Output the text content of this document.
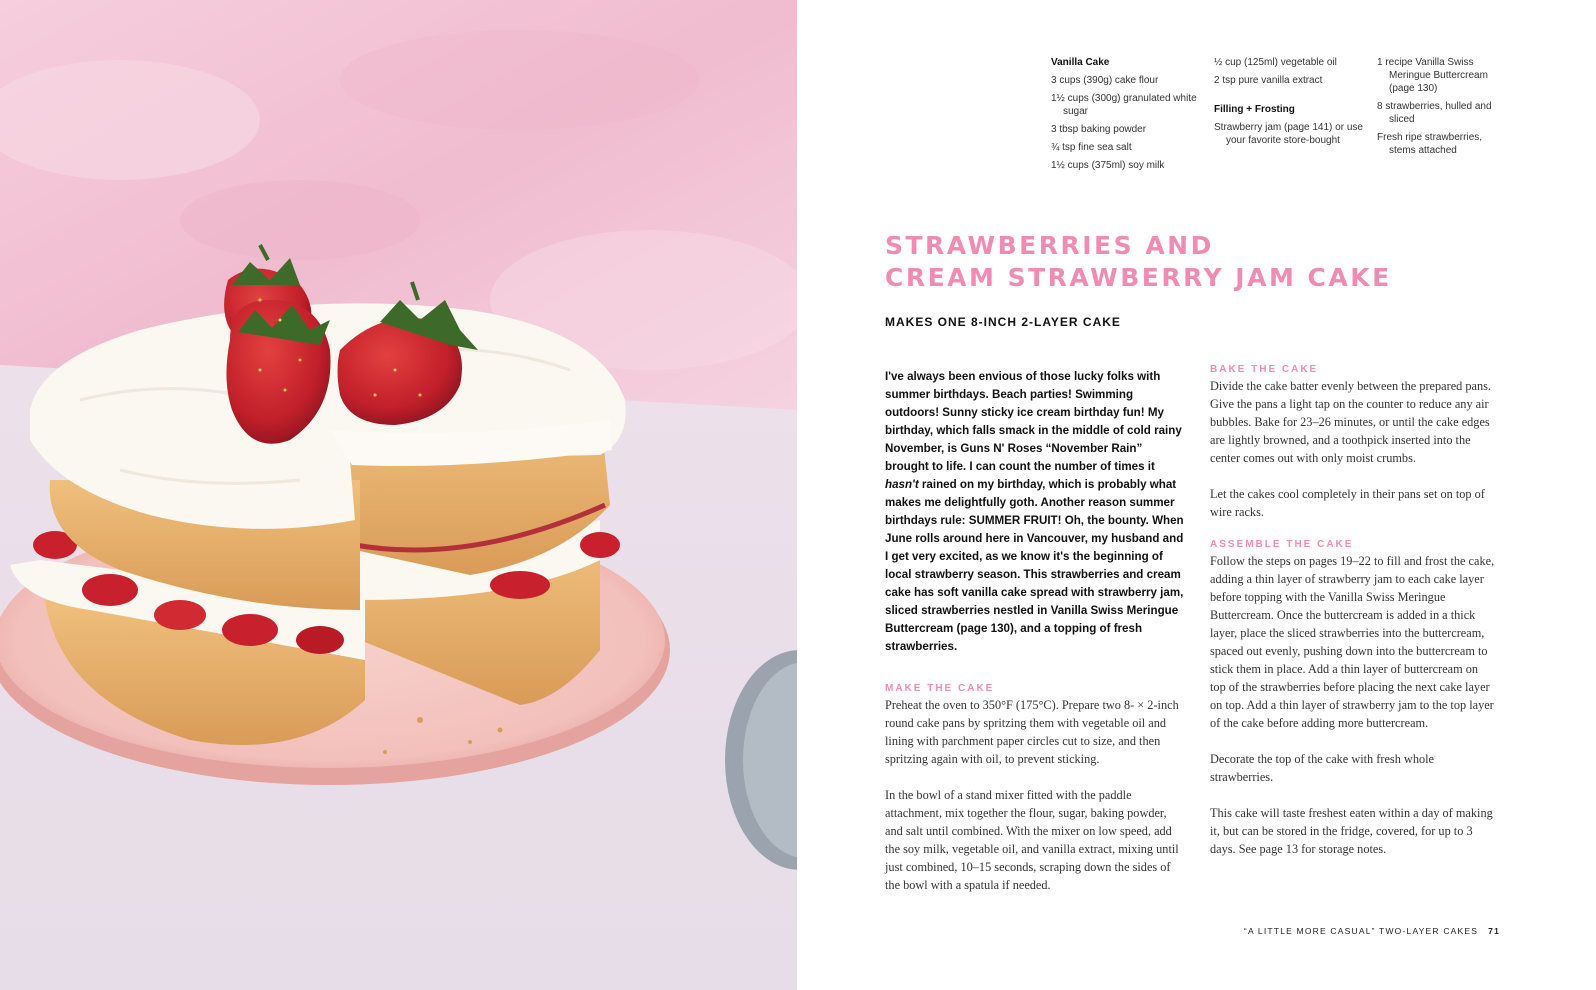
Vanilla Cake
3 cups (390g) cake flour
1½ cups (300g) granulated white sugar
3 tbsp baking powder
¾ tsp fine sea salt
1½ cups (375ml) soy milk
½ cup (125ml) vegetable oil
2 tsp pure vanilla extract
Filling + Frosting
Strawberry jam (page 141) or use your favorite store-bought
1 recipe Vanilla Swiss Meringue Buttercream (page 130)
8 strawberries, hulled and sliced
Fresh ripe strawberries, stems attached
STRAWBERRIES AND
CREAM STRAWBERRY JAM CAKE
MAKES ONE 8-INCH 2-LAYER CAKE
I've always been envious of those lucky folks with summer birthdays. Beach parties! Swimming outdoors! Sunny sticky ice cream birthday fun! My birthday, which falls smack in the middle of cold rainy November, is Guns N' Roses “November Rain” brought to life. I can count the number of times it hasn't rained on my birthday, which is probably what makes me delightfully goth. Another reason summer birthdays rule: SUMMER FRUIT! Oh, the bounty. When June rolls around here in Vancouver, my husband and I get very excited, as we know it's the beginning of local strawberry season. This strawberries and cream cake has soft vanilla cake spread with strawberry jam, sliced strawberries nestled in Vanilla Swiss Meringue Buttercream (page 130), and a topping of fresh strawberries.
MAKE THE CAKE

Preheat the oven to 350°F (175°C). Prepare two 8- × 2-inch round cake pans by spritzing them with vegetable oil and lining with parchment paper circles cut to size, and then spritzing again with oil, to prevent sticking.

In the bowl of a stand mixer fitted with the paddle attachment, mix together the flour, sugar, baking powder, and salt until combined. With the mixer on low speed, add the soy milk, vegetable oil, and vanilla extract, mixing until just combined, 10–15 seconds, scraping down the sides of the bowl with a spatula if needed.

BAKE THE CAKE

Divide the cake batter evenly between the prepared pans. Give the pans a light tap on the counter to reduce any air bubbles. Bake for 23–26 minutes, or until the cake edges are lightly browned, and a toothpick inserted into the center comes out with only moist crumbs.

Let the cakes cool completely in their pans set on top of wire racks.

ASSEMBLE THE CAKE

Follow the steps on pages 19–22 to fill and frost the cake, adding a thin layer of strawberry jam to each cake layer before topping with the Vanilla Swiss Meringue Buttercream. Once the buttercream is added in a thick layer, place the sliced strawberries into the buttercream, spaced out evenly, pushing down into the buttercream to stick them in place. Add a thin layer of buttercream on top of the strawberries before placing the next cake layer on top. Add a thin layer of strawberry jam to the top layer of the cake before adding more buttercream.

Decorate the top of the cake with fresh whole strawberries.

This cake will taste freshest eaten within a day of making it, but can be stored in the fridge, covered, for up to 3 days. See page 13 for storage notes.

“A LITTLE MORE CASUAL” TWO-LAYER CAKES 71
